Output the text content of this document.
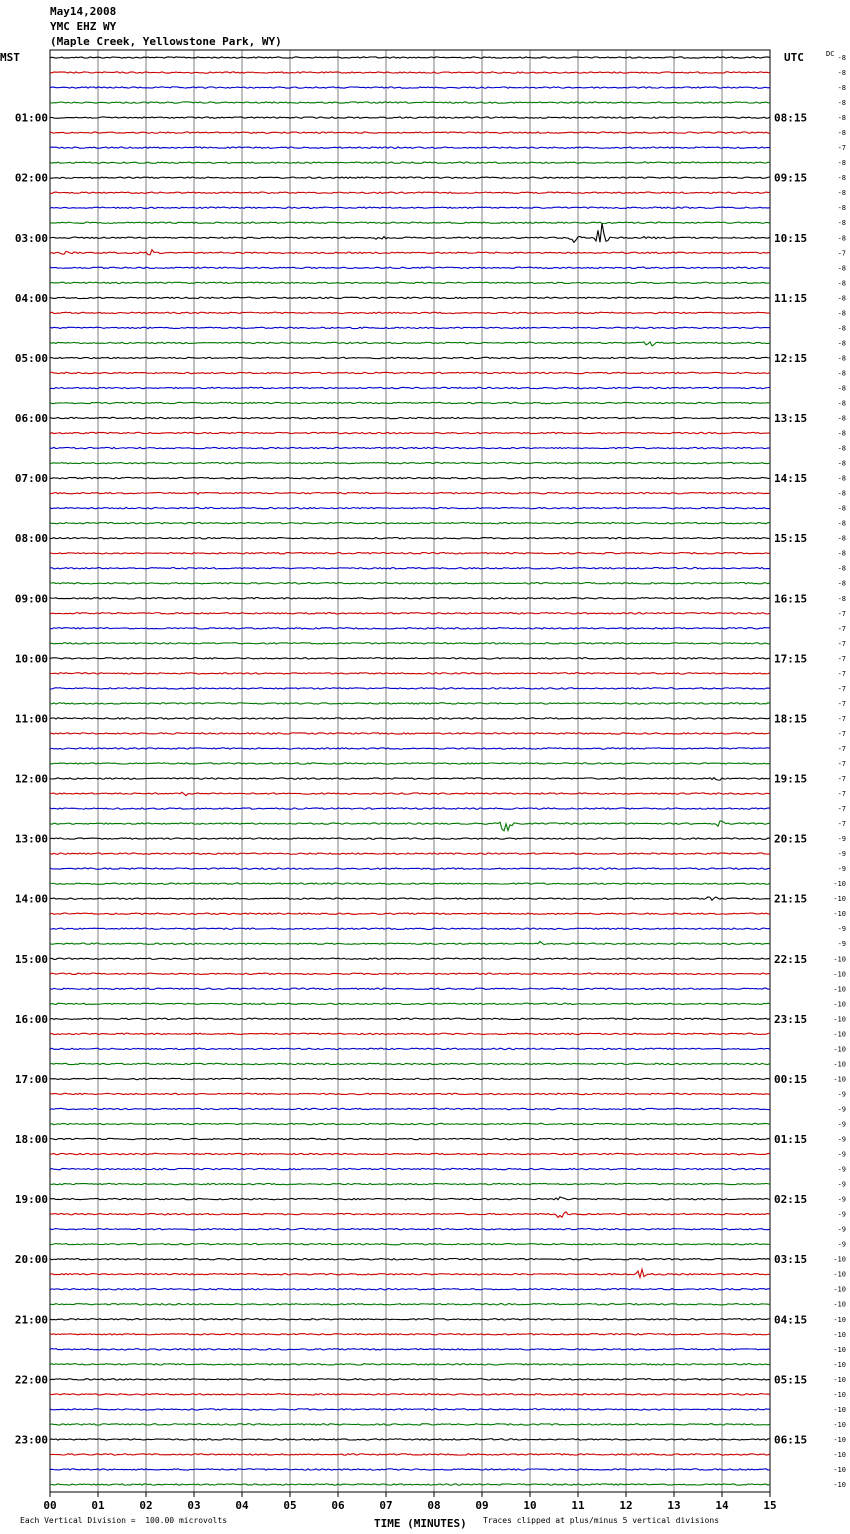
May14,2008
YMC EHZ WY
(Maple Creek, Yellowstone Park, WY)
MST	UTC	DC
-8
-8
-8
-8
-8
-8
-7
-8
-8
-8
-8
-8
-8
-7
-8
-8
-8
-8
-8
-8
-8
-8
-8
-8
-8
-8
-8
-8
-8
-8
-8
-8
-8
-8
-8
-8
-8
-7
-7
-7
-7
-7
-7
-7
-7
-7
-7
-7
-7
-7
-7
-7
-9
-9
-9
-10
-10
-10
-9
-9
-10
-10
-10
-10
-10
-10
-10
-10
-10
-9
-9
-9
-9
-9
-9
-9
-9
-9
-9
-9
-10
-10
-10
-10
-10
-10
-10
-10
-10
-10
-10
-10
-10
-10
-10
-10
01:00
02:00
03:00
04:00
05:00
06:00
07:00
08:00
09:00
10:00
11:00
12:00
13:00
14:00
15:00
16:00
17:00
18:00
19:00
20:00
21:00
22:00
23:00
08:15
09:15
10:15
11:15
12:15
13:15
14:15
15:15
16:15
17:15
18:15
19:15
20:15
21:15
22:15
23:15
00:15
01:15
02:15
03:15
04:15
05:15
06:15
00	01	02	03	04	05	06	07	08	09	10	11	12	13	14	15
Each Vertical Division =  100.00 microvolts	TIME (MINUTES) Traces clipped at plus/minus 5 vertical divisions
